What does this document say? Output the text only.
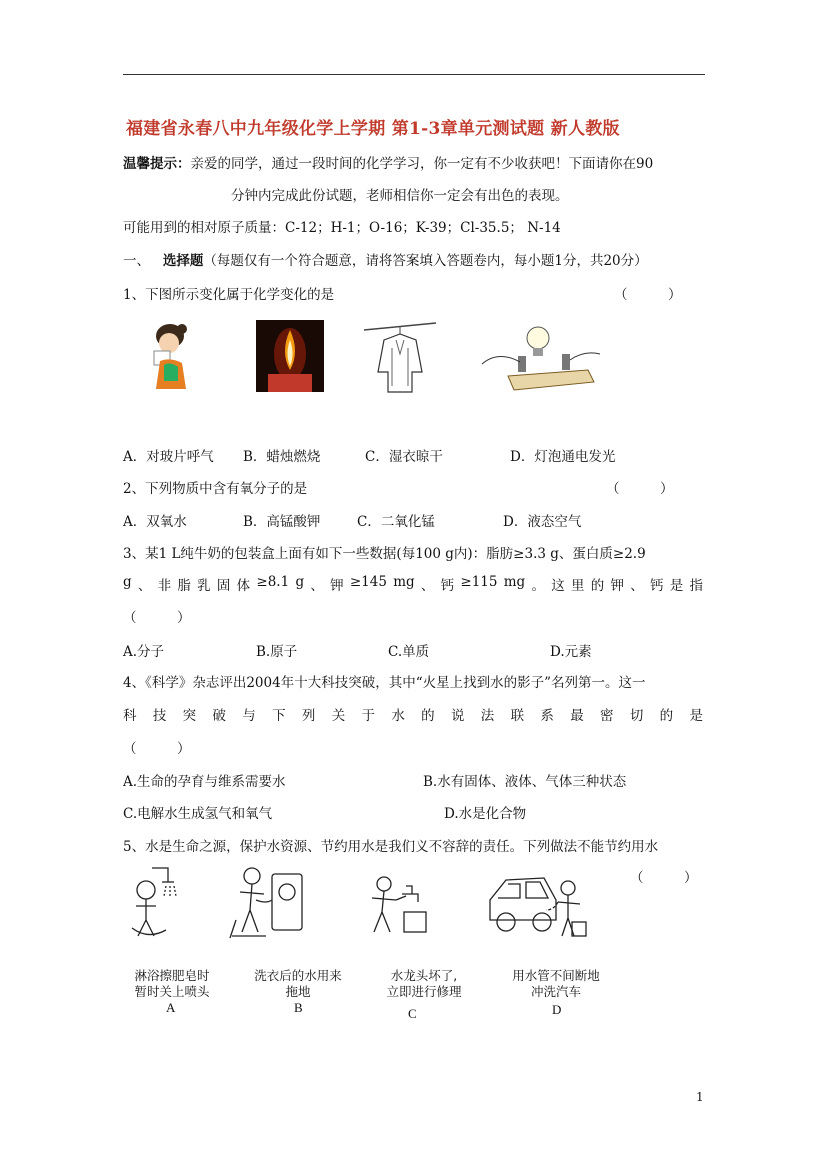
福建省永春八中九年级化学上学期 第1-3章单元测试题 新人教版
温馨提示：亲爱的同学，通过一段时间的化学学习，你一定有不少收获吧！下面请你在90
分钟内完成此份试题，老师相信你一定会有出色的表现。
可能用到的相对原子质量：C-12；H-1；O-16；K-39；Cl-35.5； N-14
一、 选择题（每题仅有一个符合题意，请将答案填入答题卷内，每小题1分，共20分）
1、下图所示变化属于化学变化的是	（　　　）
A．对玻片呼气 B．蜡烛燃烧	C．湿衣晾干	D．灯泡通电发光
2、下列物质中含有氧分子的是	（　　　）
A．双氧水	B．高锰酸钾	C．二氧化锰	D．液态空气
3、某1 L纯牛奶的包装盒上面有如下一些数据(每100 g内)：脂肪≥3.3 g、蛋白质≥2.9
g 、 非 脂 乳 固 体 ≥8.1 g 、 钾 ≥145 mg 、 钙 ≥115 mg 。 这 里 的 钾 、 钙 是 指
（　　　）
A.分子	B.原子	C.单质	D.元素
4、《科学》杂志评出2004年十大科技突破，其中“火星上找到水的影子”名列第一。这一
科 技 突 破 与 下 列 关 于 水 的 说 法 联 系 最 密 切 的 是
（　　　）
A.生命的孕育与维系需要水	B.水有固体、液体、气体三种状态
C.电解水生成氢气和氧气	D.水是化合物
5、水是生命之源，保护水资源、节约用水是我们义不容辞的责任。下列做法不能节约用水
（　　　）
淋浴擦肥皂时
暂时关上喷头
A
洗衣后的水用来
拖地
B
水龙头坏了,
立即进行修理
C
用水管不间断地
冲洗汽车
D
1
